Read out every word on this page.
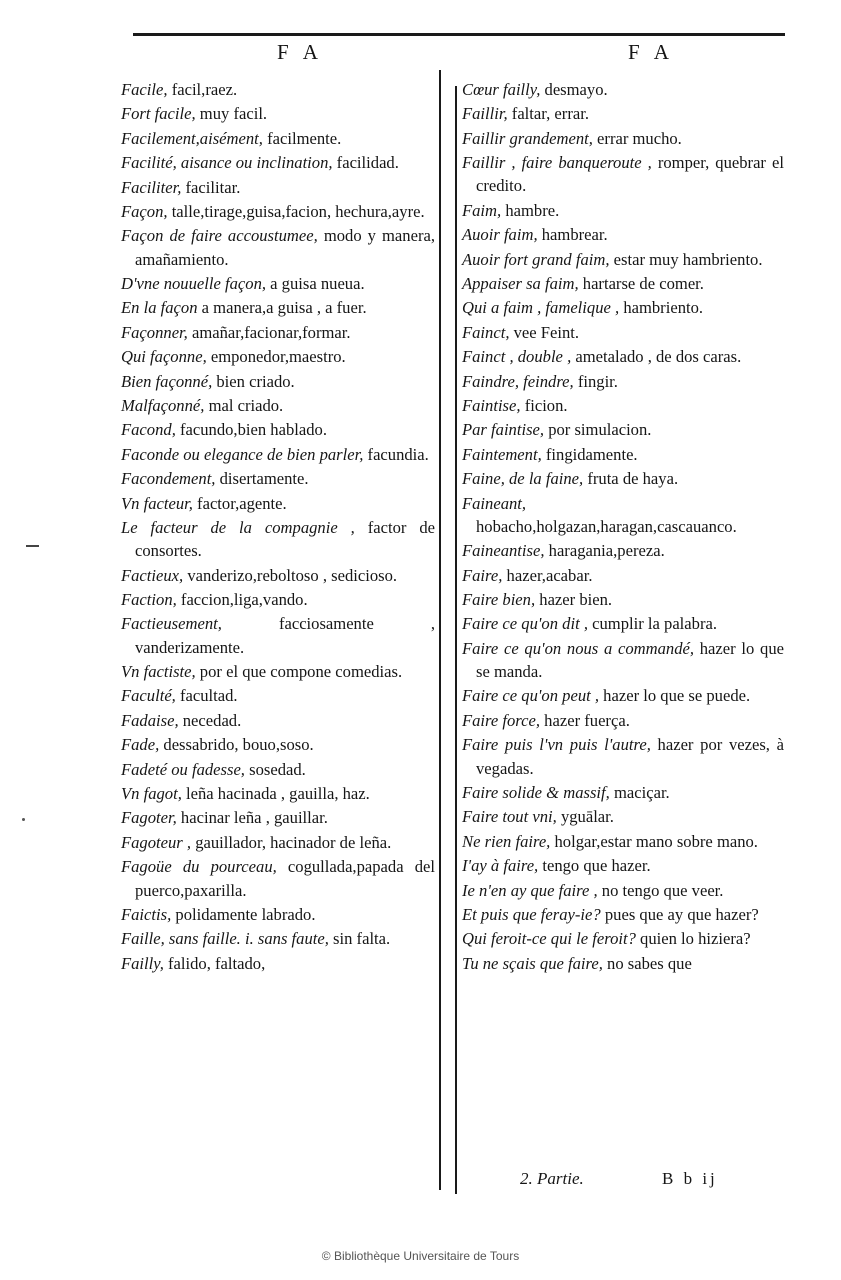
F A	F A

Facile, facil,raez.

Fort facile, muy facil.

Facilement,aisément, facilmente.

Facilité, aisance ou inclination, facilidad.

Faciliter, facilitar.

Façon, talle,tirage,guisa,facion, hechura,ayre.

Façon de faire accoustumee, modo y manera, amañamiento.

D'vne nouuelle façon, a guisa nueua.

En la façon a manera,a guisa , a fuer.

Façonner, amañar,facionar,formar.

Qui façonne, emponedor,maestro.

Bien façonné, bien criado.

Malfaçonné, mal criado.

Facond, facundo,bien hablado.

Faconde ou elegance de bien parler, facundia.

Facondement, disertamente.

Vn facteur, factor,agente.

Le facteur de la compagnie , factor de consortes.

Factieux, vanderizo,reboltoso , sedicioso.

Faction, faccion,liga,vando.

Factieusement, facciosamente , vanderizamente.

Vn factiste, por el que compone comedias.

Faculté, facultad.

Fadaise, necedad.

Fade, dessabrido, bouo,soso.

Fadeté ou fadesse, sosedad.

Vn fagot, leña hacinada , gauilla, haz.

Fagoter, hacinar leña , gauillar.

Fagoteur , gauillador, hacinador de leña.

Fagoüe du pourceau, cogullada,papada del puerco,paxarilla.

Faictis, polidamente labrado.

Faille, sans faille. i. sans faute, sin falta.

Failly, falido, faltado,

Cœur failly, desmayo.

Faillir, faltar, errar.

Faillir grandement, errar mucho.

Faillir , faire banqueroute , romper, quebrar el credito.

Faim, hambre.

Auoir faim, hambrear.

Auoir fort grand faim, estar muy hambriento.

Appaiser sa faim, hartarse de comer.

Qui a faim , famelique , hambriento.

Fainct, vee Feint.

Fainct , double , ametalado , de dos caras.

Faindre, feindre, fingir.

Faintise, ficion.

Par faintise, por simulacion.

Faintement, fingidamente.

Faine, de la faine, fruta de haya.

Faineant, hobacho,holgazan,haragan,cascauanco.

Faineantise, haragania,pereza.

Faire, hazer,acabar.

Faire bien, hazer bien.

Faire ce qu'on dit , cumplir la palabra.

Faire ce qu'on nous a commandé, hazer lo que se manda.

Faire ce qu'on peut , hazer lo que se puede.

Faire force, hazer fuerça.

Faire puis l'vn puis l'autre, hazer por vezes, à vegadas.

Faire solide & massif, maciçar.

Faire tout vni, yguālar.

Ne rien faire, holgar,estar mano sobre mano.

I'ay à faire, tengo que hazer.

Ie n'en ay que faire , no tengo que veer.

Et puis que feray-ie? pues que ay que hazer?

Qui feroit-ce qui le feroit? quien lo hiziera?

Tu ne sçais que faire, no sabes que

2. Partie.	B b ij
© Bibliothèque Universitaire de Tours
